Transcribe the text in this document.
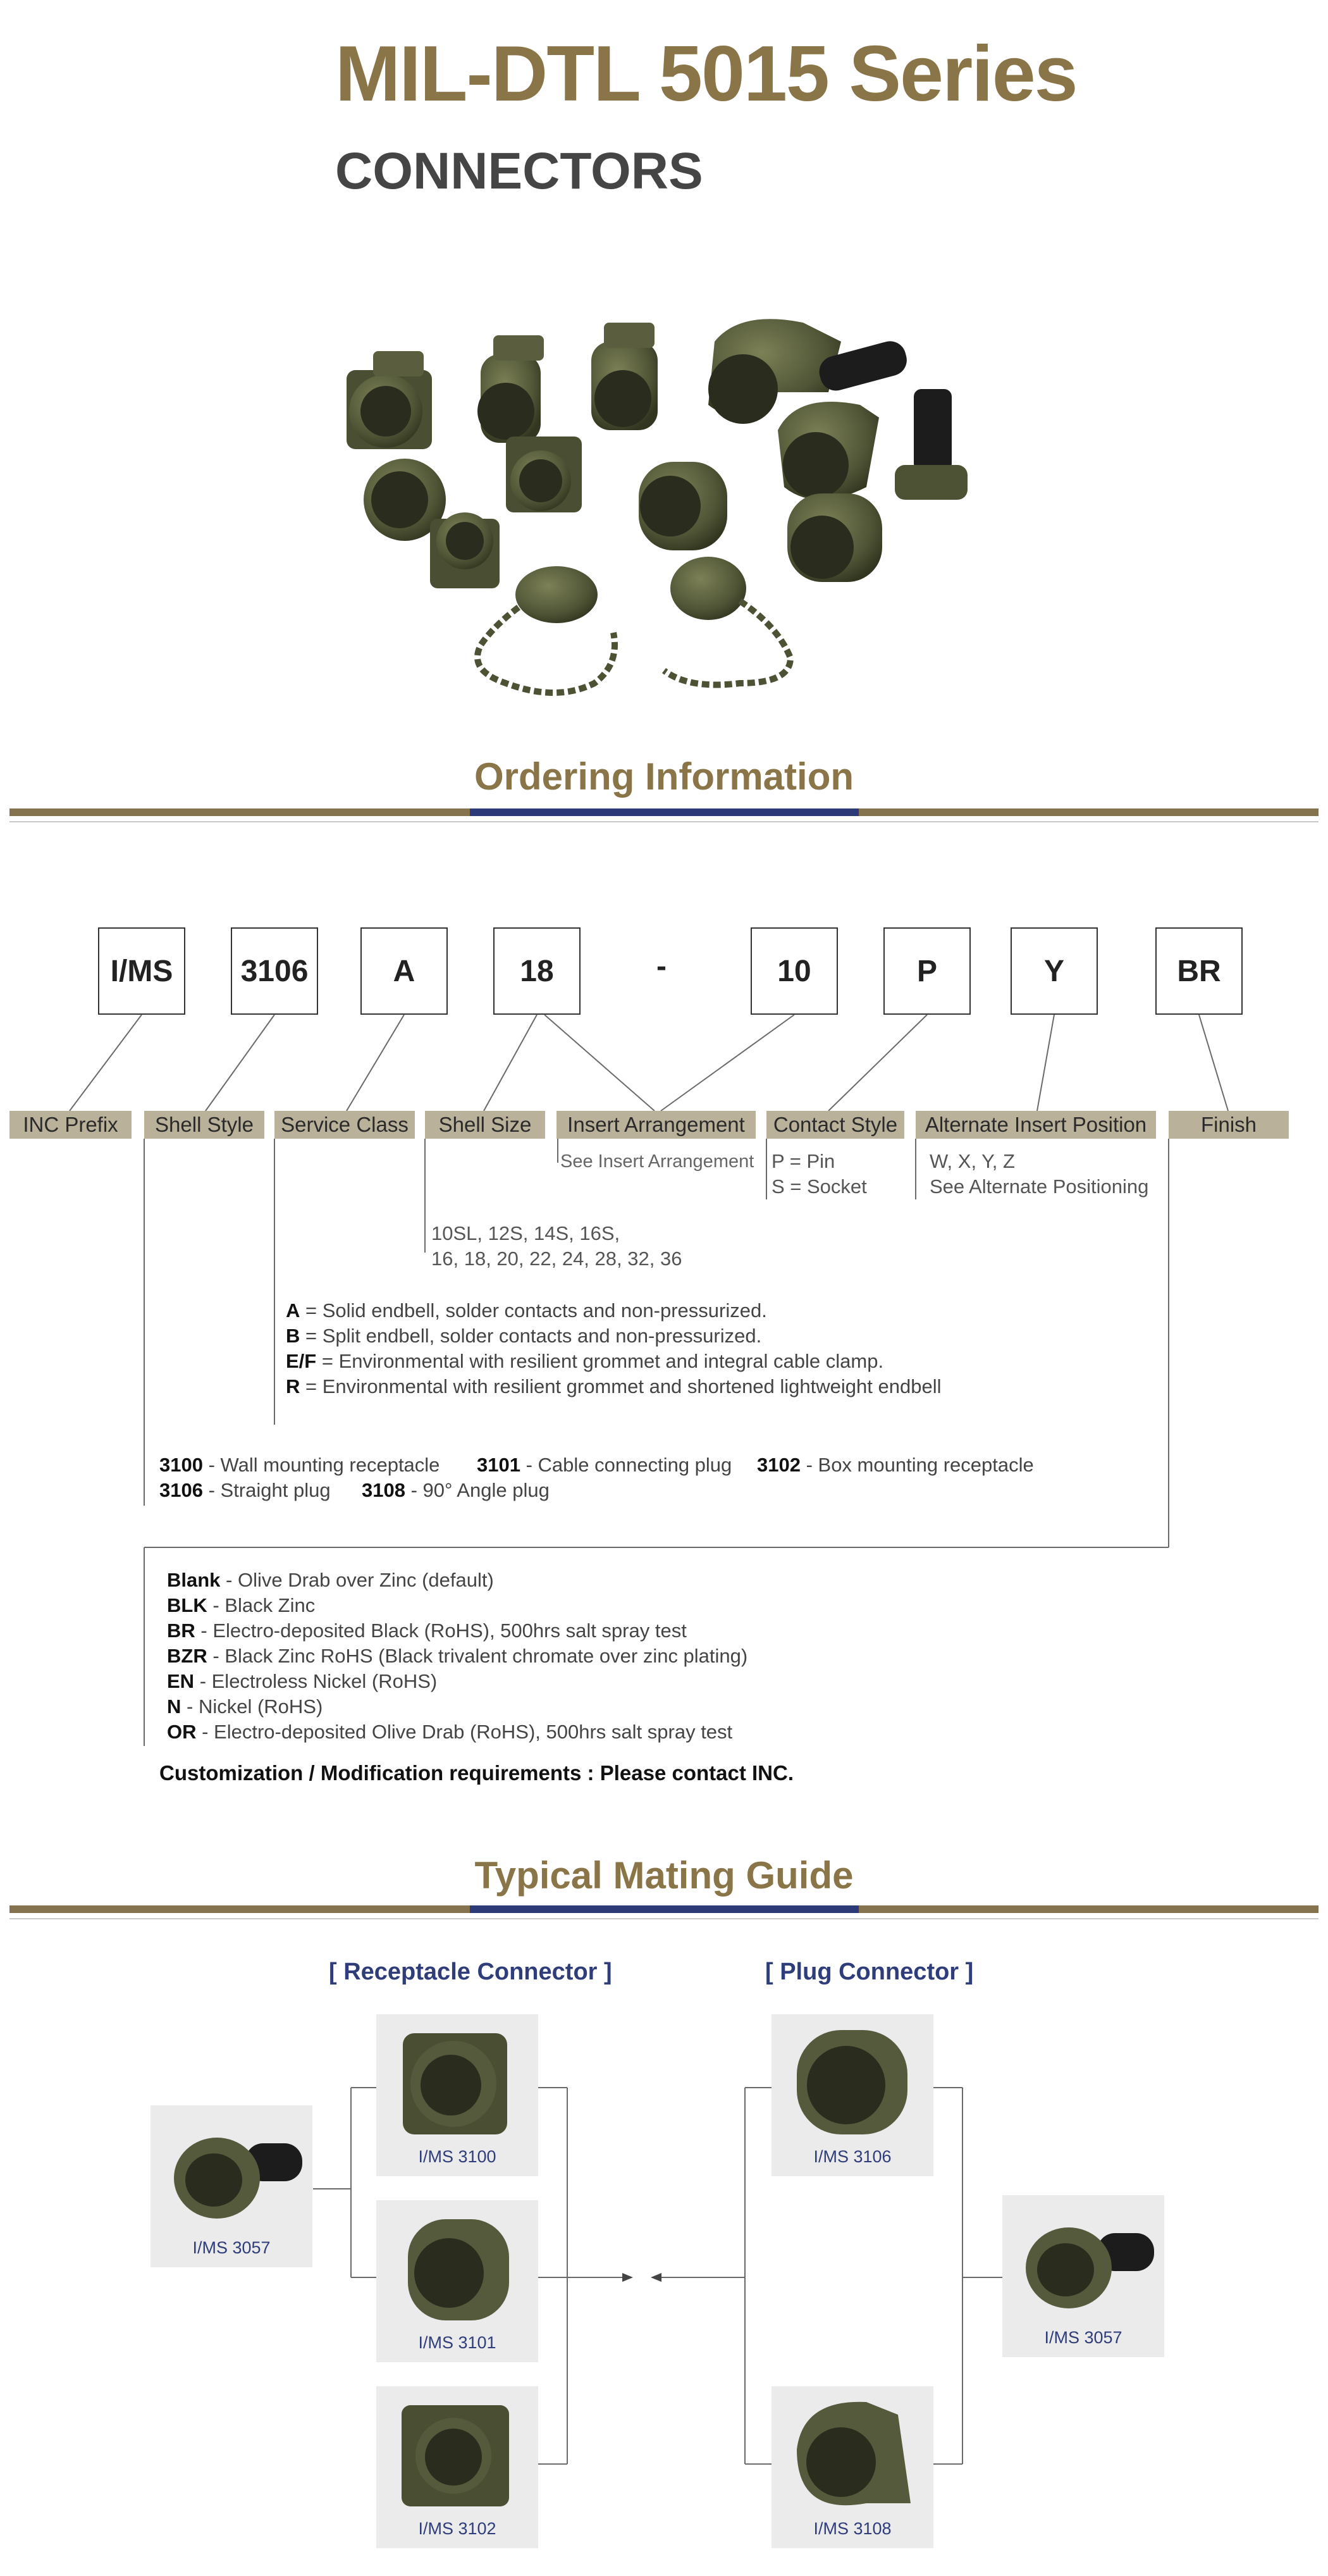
MIL-DTL 5015 Series
CONNECTORS
Ordering Information
I/MS	3106	A	18	-	10	P	Y	BR
INC Prefix	Shell Style	Service Class	Shell Size	Insert Arrangement	Contact Style	Alternate Insert Position	Finish
See Insert Arrangement P = Pin
S = Socket
W, X, Y, Z
See Alternate Positioning
10SL, 12S, 14S, 16S,
16, 18, 20, 22, 24, 28, 32, 36
A = Solid endbell, solder contacts and non-pressurized.
B = Split endbell, solder contacts and non-pressurized.
E/F = Environmental with resilient grommet and integral cable clamp.
R = Environmental with resilient grommet and shortened lightweight endbell
3100 - Wall mounting receptacle 3101 - Cable connecting plug 3102 - Box mounting receptacle
3106 - Straight plug 3108 - 90° Angle plug
Blank - Olive Drab over Zinc (default)
BLK - Black Zinc
BR - Electro-deposited Black (RoHS), 500hrs salt spray test
BZR - Black Zinc RoHS (Black trivalent chromate over zinc plating)
EN - Electroless Nickel (RoHS)
N - Nickel (RoHS)
OR - Electro-deposited Olive Drab (RoHS), 500hrs salt spray test
Customization / Modification requirements : Please contact INC.
Typical Mating Guide
[ Receptacle Connector ]	[ Plug Connector ]
I/MS 3057
I/MS 3100
I/MS 3101
I/MS 3102
I/MS 3106
I/MS 3108
I/MS 3057
